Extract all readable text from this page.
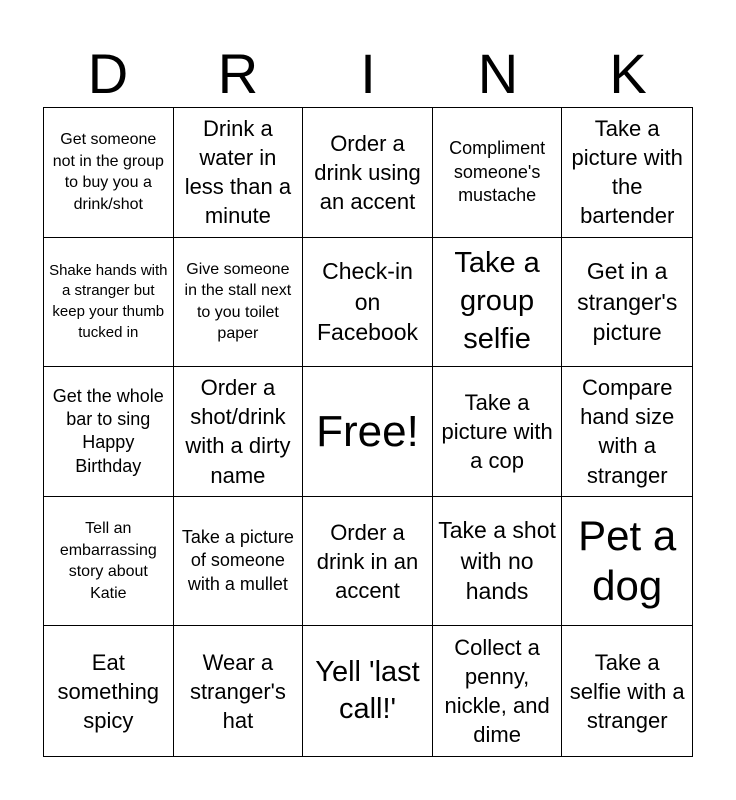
D	R	I	N	K
Get someone not in the group to buy you a drink/shot
Drink a water in less than a minute
Order a drink using an accent
Compliment someone's mustache
Take a picture with the bartender
Shake hands with a stranger but keep your thumb tucked in
Give someone in the stall next to you toilet paper
Check-in on Facebook
Take a group selfie
Get in a stranger's picture
Get the whole bar to sing Happy Birthday
Order a shot/drink with a dirty name
Free!
Take a picture with a cop
Compare hand size with a stranger
Tell an embarrassing story about Katie
Take a picture of someone with a mullet
Order a drink in an accent
Take a shot with no hands
Pet a dog
Eat something spicy
Wear a stranger's hat
Yell 'last call!'
Collect a penny, nickle, and dime
Take a selfie with a stranger
